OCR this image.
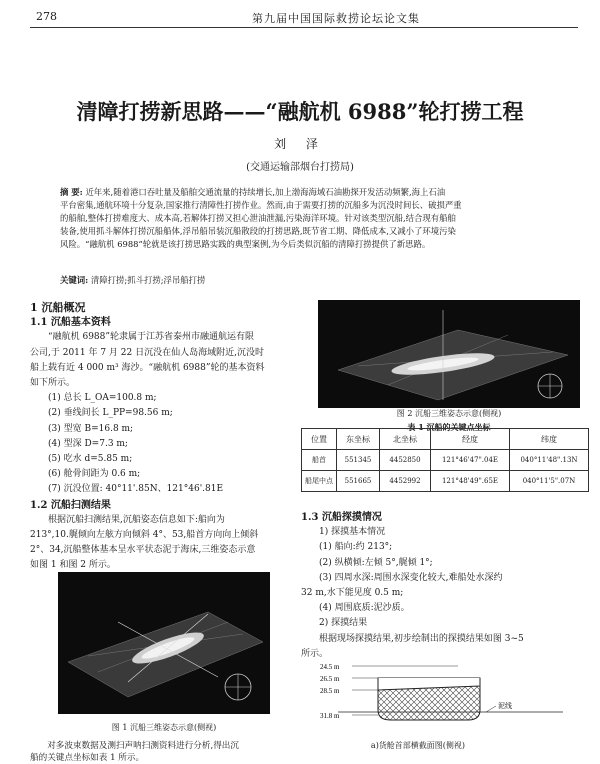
278	第九届中国国际救捞论坛论文集
清障打捞新思路——“融航机 6988”轮打捞工程
刘 泽
(交通运输部烟台打捞局)
摘 要: 近年来,随着港口吞吐量及船舶交通流量的持续增长,加上渤海海域石油勘探开发活动频繁,海上石油
平台密集,通航环境十分复杂,国家推行清障性打捞作业。然而,由于需要打捞的沉船多为沉没时间长、破损严重
的船舶,整体打捞难度大、成本高,若解体打捞又担心泄油泄漏,污染海洋环境。针对该类型沉船,结合现有船舶
装备,使用抓斗解体打捞沉船船体,浮吊船吊装沉船散段的打捞思路,既节省工期、降低成本,又减小了环境污染
风险。“融航机 6988”轮就是该打捞思路实践的典型案例,为今后类似沉船的清障打捞提供了新思路。
关键词: 清障打捞;抓斗打捞;浮吊船打捞
1 沉船概况
1.1 沉船基本资料
“融航机 6988”轮隶属于江苏省泰州市融通航运有限
公司,于 2011 年 7 月 22 日沉没在仙人岛海域附近,沉没时
船上载有近 4 000 m³ 海沙。“融航机 6988”轮的基本资料
如下所示。
(1) 总长 L_OA=100.8 m;
(2) 垂线间长 L_PP=98.56 m;
(3) 型宽 B=16.8 m;
(4) 型深 D=7.3 m;
(5) 吃水 d=5.85 m;
(6) 舱骨间距为 0.6 m;
(7) 沉没位置: 40°11'.85N、121°46'.81E
1.2 沉船扫测结果
根据沉船扫测结果,沉船姿态信息如下:船向为
213°,10.艉倾向左舷方向倾斜 4°、53,船首方向向上倾斜
2°、34,沉船整体基本呈水平状态泥于海床,三维姿态示意
如图 1 和图 2 所示。
图 1 沉船三维姿态示意(侧视)
对多波束数据及测扫声呐扫测资料进行分析,得出沉
船的关键点坐标如表 1 所示。
图 2 沉船三维姿态示意(侧视)
表 1 沉船的关键点坐标
位置	东坐标	北坐标	经度	纬度
船首	551345	4452850	121°46'47".04E	040°11'48".13N
船尾中点	551665	4452992	121°48'49".65E	040°11'5".07N
1.3 沉船探摸情况
1) 探摸基本情况
(1) 船向:约 213°;
(2) 纵横倾:左倾 5°,艉倾 1°;
(3) 四周水深:周围水深变化较大,难船处水深约
32 m,水下能见度 0.5 m;
(4) 周围底质:泥沙质。
2) 探摸结果
根据现场探摸结果,初步绘制出的探摸结果如图 3~5
所示。
24.5 m
26.5 m
28.5 m
31.8 m
泥线
a)货舱首部横截面图(侧视)
